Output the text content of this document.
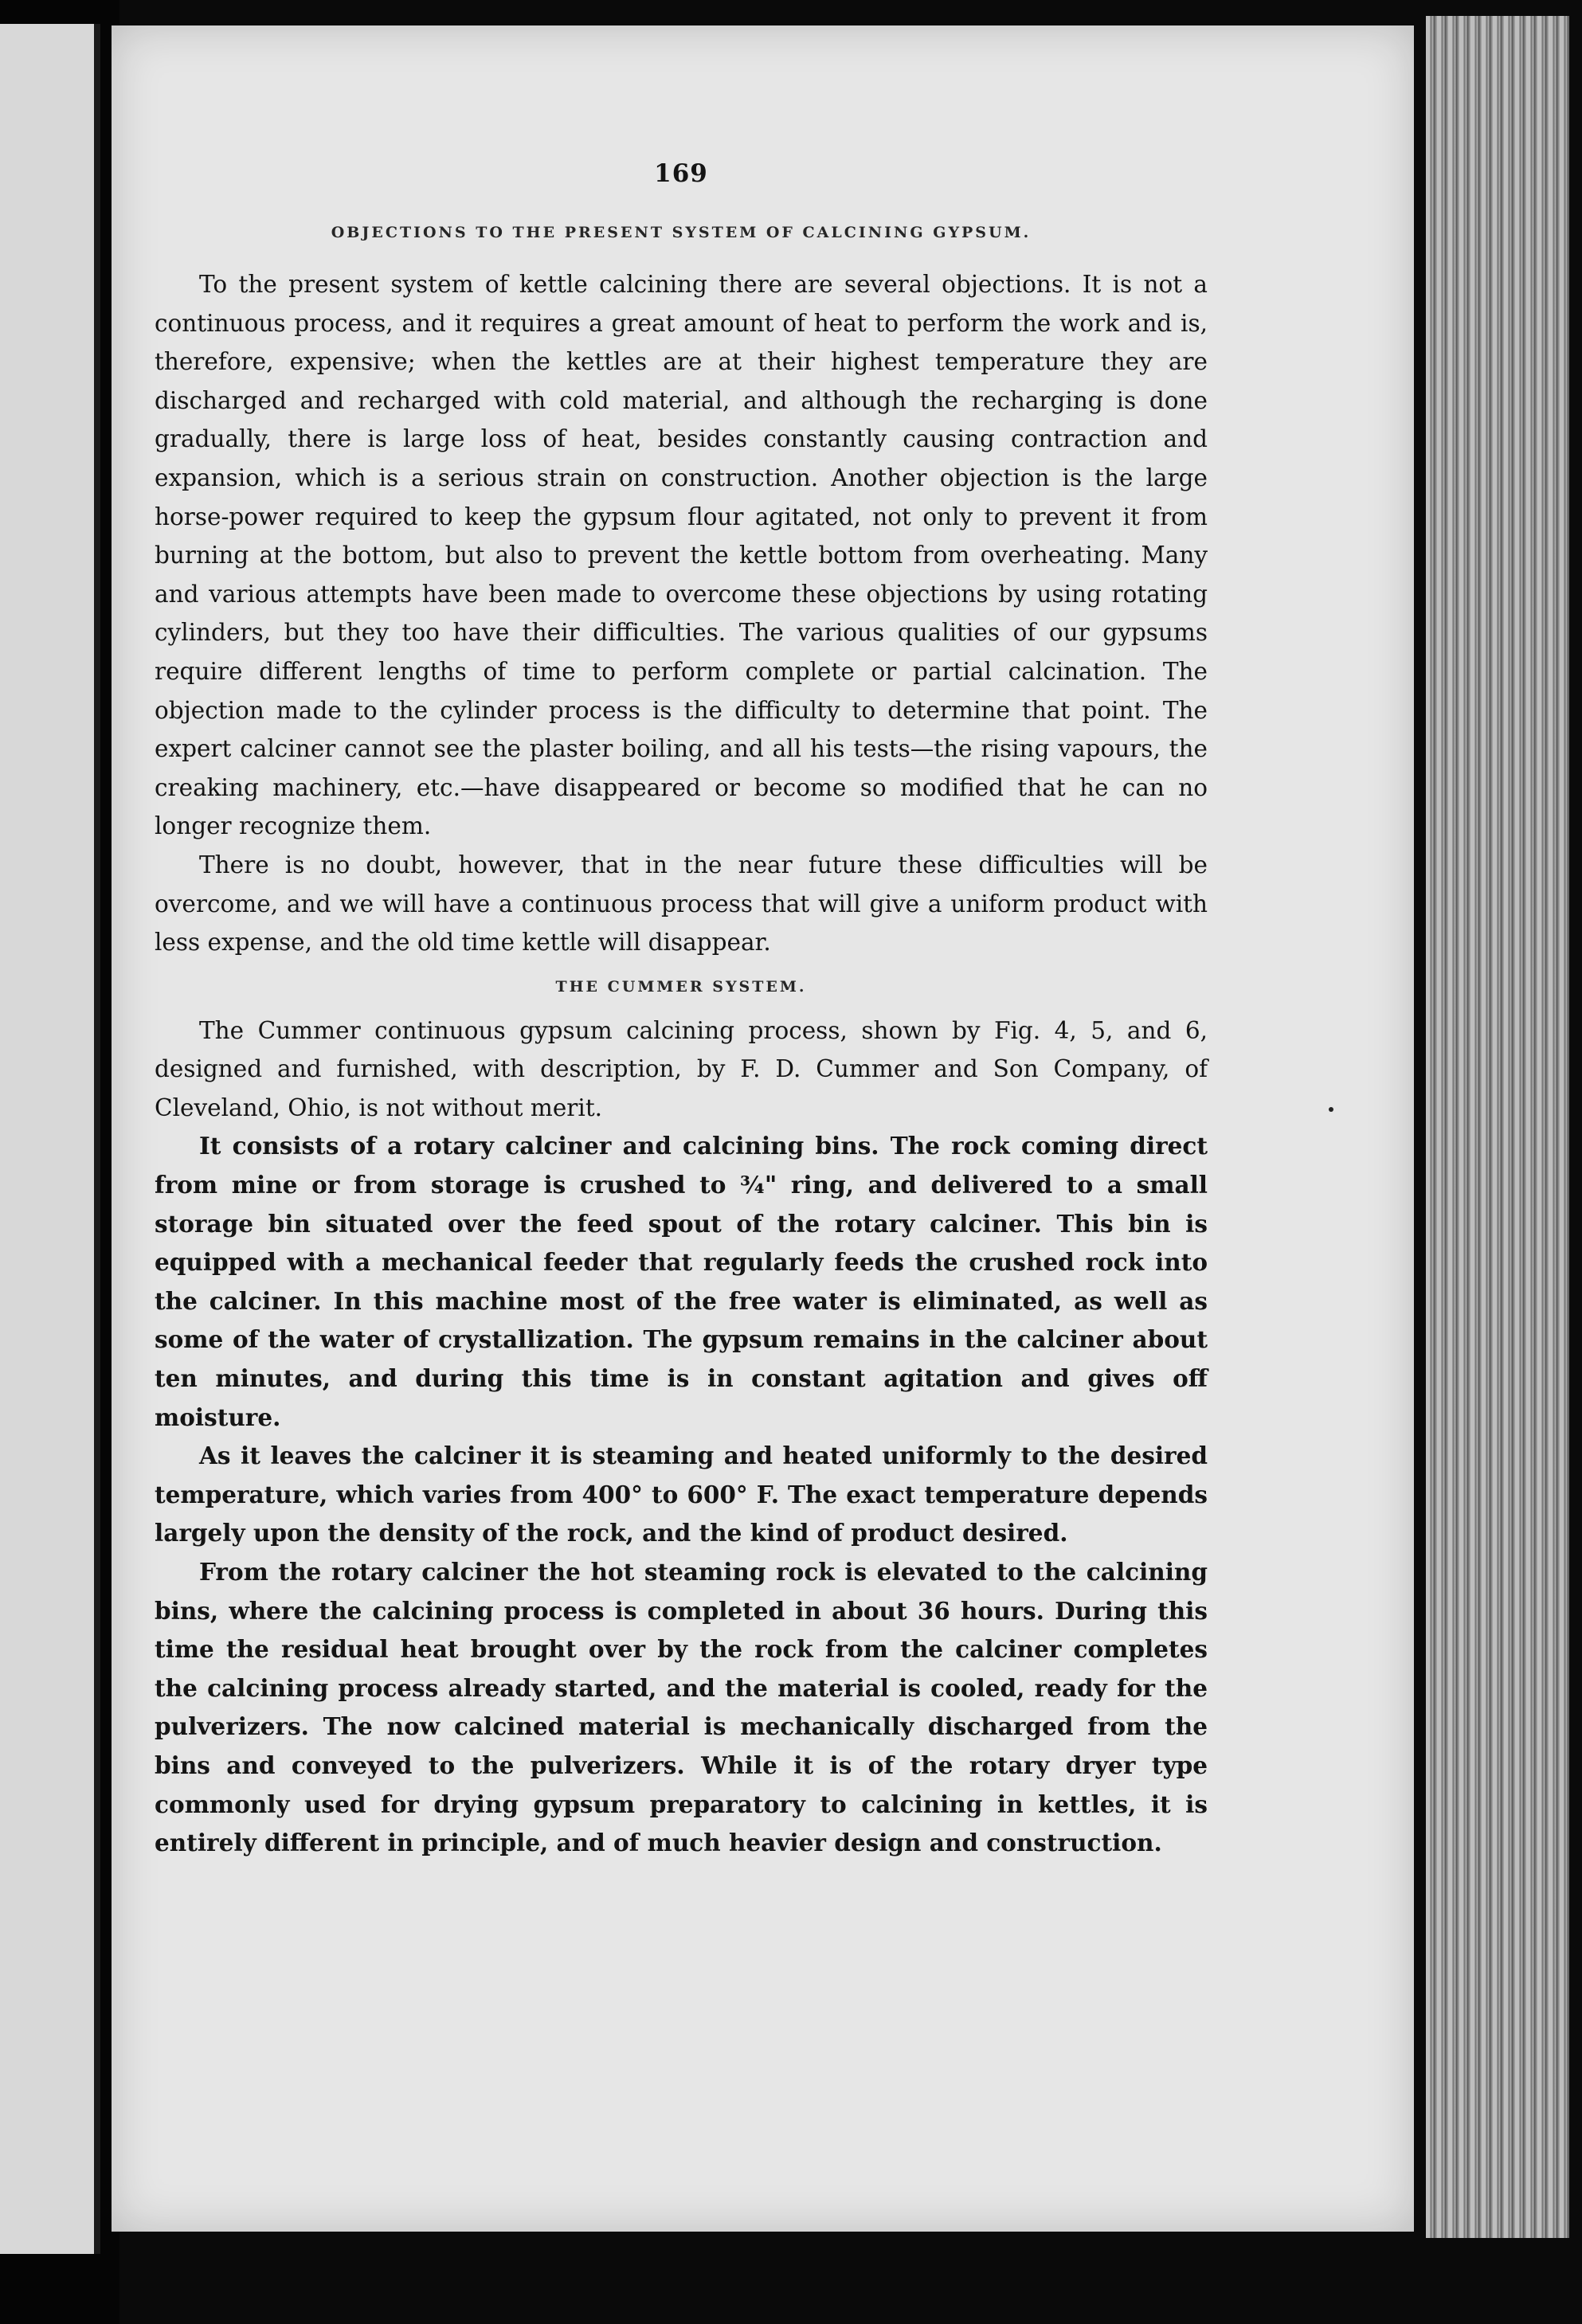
169
OBJECTIONS TO THE PRESENT SYSTEM OF CALCINING GYPSUM.

To the present system of kettle calcining there are several objections. It is not a continuous process, and it requires a great amount of heat to perform the work and is, therefore, expensive; when the kettles are at their highest temperature they are discharged and recharged with cold material, and although the recharging is done gradually, there is large loss of heat, besides constantly causing contraction and expansion, which is a serious strain on construction. Another objection is the large horse-power required to keep the gypsum flour agitated, not only to prevent it from burning at the bottom, but also to prevent the kettle bottom from overheating. Many and various attempts have been made to overcome these objections by using rotating cylinders, but they too have their difficulties. The various qualities of our gypsums require different lengths of time to perform complete or partial calcination. The objection made to the cylinder process is the difficulty to determine that point. The expert calciner cannot see the plaster boiling, and all his tests—the rising vapours, the creaking machinery, etc.—have disappeared or become so modified that he can no longer recognize them.

There is no doubt, however, that in the near future these difficulties will be overcome, and we will have a continuous process that will give a uniform product with less expense, and the old time kettle will disappear.

THE CUMMER SYSTEM.

The Cummer continuous gypsum calcining process, shown by Fig. 4, 5, and 6, designed and furnished, with description, by F. D. Cummer and Son Company, of Cleveland, Ohio, is not without merit.

It consists of a rotary calciner and calcining bins. The rock coming direct from mine or from storage is crushed to ¾" ring, and delivered to a small storage bin situated over the feed spout of the rotary calciner. This bin is equipped with a mechanical feeder that regularly feeds the crushed rock into the calciner. In this machine most of the free water is eliminated, as well as some of the water of crystallization. The gypsum remains in the calciner about ten minutes, and during this time is in constant agitation and gives off moisture.

As it leaves the calciner it is steaming and heated uniformly to the desired temperature, which varies from 400° to 600° F. The exact temperature depends largely upon the density of the rock, and the kind of product desired.

From the rotary calciner the hot steaming rock is elevated to the calcining bins, where the calcining process is completed in about 36 hours. During this time the residual heat brought over by the rock from the calciner completes the calcining process already started, and the material is cooled, ready for the pulverizers. The now calcined material is mechanically discharged from the bins and conveyed to the pulverizers. While it is of the rotary dryer type commonly used for drying gypsum preparatory to calcining in kettles, it is entirely different in principle, and of much heavier design and construction.
